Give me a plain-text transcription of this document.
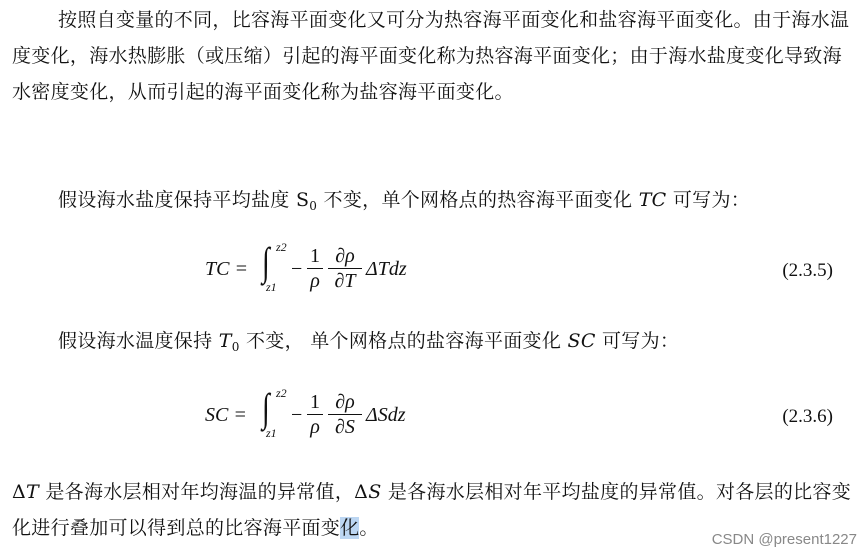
按照自变量的不同，比容海平面变化又可分为热容海平面变化和盐容海平面变化。由于海水温度变化，海水热膨胀（或压缩）引起的海平面变化称为热容海平面变化；由于海水盐度变化导致海水密度变化，从而引起的海平面变化称为盐容海平面变化。

假设海水盐度保持平均盐度 $S_0$ 不变，单个网格点的热容海平面变化 TC 可写为：

TC = ∫ z2
z1
−
1
ρ
∂ρ
∂T
ΔTdz	(2.3.5)

假设海水温度保持 $T_0$ 不变， 单个网格点的盐容海平面变化 SC 可写为：

SC = ∫ z2
z1
−
1
ρ
∂ρ
∂S
ΔSdz	(2.3.6)

ΔT 是各海水层相对年均海温的异常值，ΔS 是各海水层相对年平均盐度的异常值。对各层的比容变化进行叠加可以得到总的比容海平面变化。

CSDN @present1227
